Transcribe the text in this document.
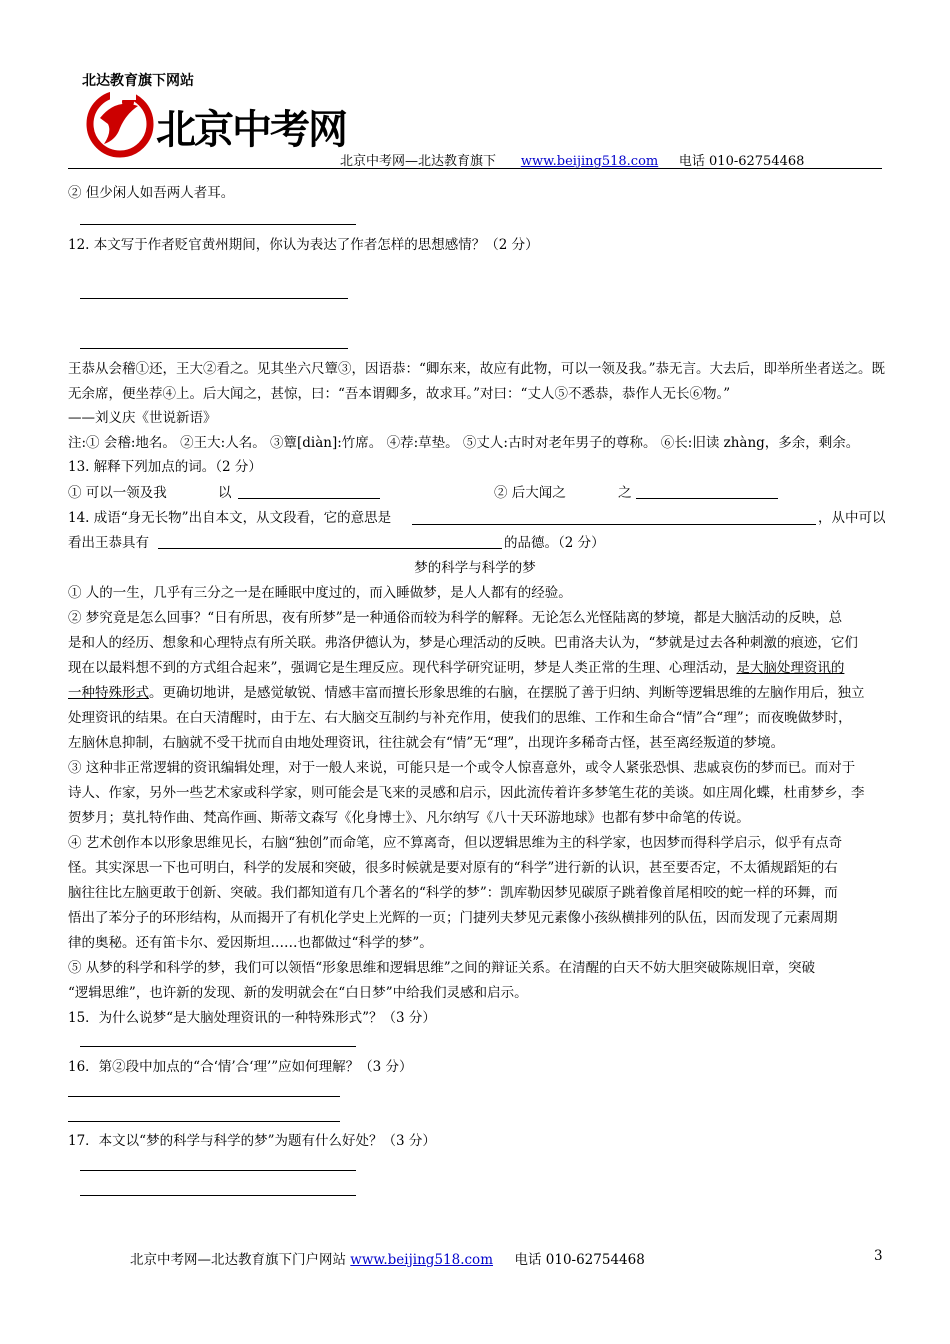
北达教育旗下网站
北京中考网
北京中考网—北达教育旗下 www.beijing518.com 电话 010-62754468
② 但少闲人如吾两人者耳。
12. 本文写于作者贬官黄州期间，你认为表达了作者怎样的思想感情？（2 分）
王恭从会稽①还，王大②看之。见其坐六尺簟③，因语恭：“卿东来，故应有此物，可以一领及我。”恭无言。大去后，即举所坐者送之。既
无余席，便坐荐④上。后大闻之，甚惊，曰：“吾本谓卿多，故求耳。”对曰：“丈人⑤不悉恭，恭作人无长⑥物。”
——刘义庆《世说新语》
注:① 会稽:地名。 ②王大:人名。 ③簟[diàn]:竹席。 ④荐:草垫。 ⑤丈人:古时对老年男子的尊称。 ⑥长:旧读 zhàng，多余，剩余。
13. 解释下列加点的词。（2 分）
① 可以一领及我	以	② 后大闻之	之
14. 成语“身无长物”出自本文，从文段看，它的意思是	，从中可以
看出王恭具有	的品德。（2 分）
梦的科学与科学的梦
① 人的一生，几乎有三分之一是在睡眠中度过的，而入睡做梦，是人人都有的经验。
② 梦究竟是怎么回事？“日有所思，夜有所梦”是一种通俗而较为科学的解释。无论怎么光怪陆离的梦境，都是大脑活动的反映，总
是和人的经历、想象和心理特点有所关联。弗洛伊德认为，梦是心理活动的反映。巴甫洛夫认为，“梦就是过去各种刺激的痕迹，它们
现在以最料想不到的方式组合起来”，强调它是生理反应。现代科学研究证明，梦是人类正常的生理、心理活动，是大脑处理资讯的
一种特殊形式。更确切地讲，是感觉敏锐、情感丰富而擅长形象思维的右脑，在摆脱了善于归纳、判断等逻辑思维的左脑作用后，独立
处理资讯的结果。在白天清醒时，由于左、右大脑交互制约与补充作用，使我们的思维、工作和生命合“情”合“理”；而夜晚做梦时，
左脑休息抑制，右脑就不受干扰而自由地处理资讯，往往就会有“情”无“理”，出现许多稀奇古怪，甚至离经叛道的梦境。
③ 这种非正常逻辑的资讯编辑处理，对于一般人来说，可能只是一个或令人惊喜意外，或令人紧张恐惧、悲戚哀伤的梦而已。而对于
诗人、作家，另外一些艺术家或科学家，则可能会是飞来的灵感和启示，因此流传着许多梦笔生花的美谈。如庄周化蝶，杜甫梦乡，李
贺梦月；莫扎特作曲、梵高作画、斯蒂文森写《化身博士》、凡尔纳写《八十天环游地球》也都有梦中命笔的传说。
④ 艺术创作本以形象思维见长，右脑“独创”而命笔，应不算离奇，但以逻辑思维为主的科学家，也因梦而得科学启示，似乎有点奇
怪。其实深思一下也可明白，科学的发展和突破，很多时候就是要对原有的“科学”进行新的认识，甚至要否定，不太循规蹈矩的右
脑往往比左脑更敢于创新、突破。我们都知道有几个著名的“科学的梦”：凯库勒因梦见碳原子跳着像首尾相咬的蛇一样的环舞，而
悟出了苯分子的环形结构，从而揭开了有机化学史上光辉的一页；门捷列夫梦见元素像小孩纵横排列的队伍，因而发现了元素周期
律的奥秘。还有笛卡尔、爱因斯坦……也都做过“科学的梦”。
⑤ 从梦的科学和科学的梦，我们可以领悟“形象思维和逻辑思维”之间的辩证关系。在清醒的白天不妨大胆突破陈规旧章，突破
“逻辑思维”，也许新的发现、新的发明就会在“白日梦”中给我们灵感和启示。
15．为什么说梦“是大脑处理资讯的一种特殊形式”？（3 分）
16．第②段中加点的“合‘情’合‘理’”应如何理解？（3 分）
17．本文以“梦的科学与科学的梦”为题有什么好处？（3 分）
北京中考网—北达教育旗下门户网站 www.beijing518.com 电话 010-62754468	3
